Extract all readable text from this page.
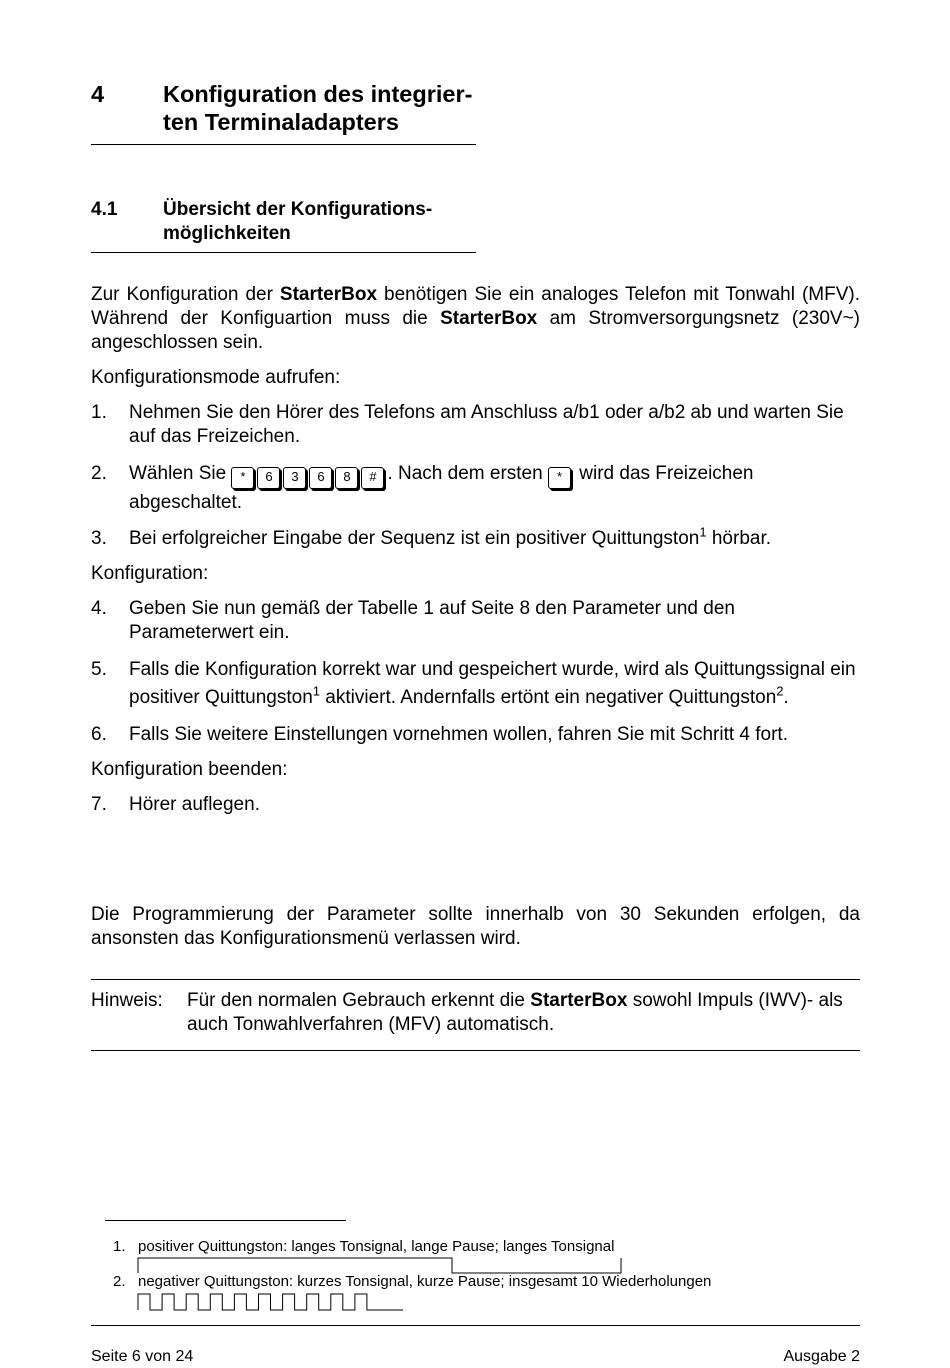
4	Konfiguration des integrier-
ten Terminaladapters
4.1 Übersicht der Konfigurations-
möglichkeiten

Zur Konfiguration der StarterBox benötigen Sie ein analoges Telefon mit Tonwahl (MFV). Während der Konfiguartion muss die StarterBox am Stromversorgungsnetz (230V~) angeschlossen sein.

Konfigurationsmode aufrufen:

1. Nehmen Sie den Hörer des Telefons am Anschluss a/b1 oder a/b2 ab und warten Sie auf das Freizeichen.
2. Wählen Sie * 6 3 6 8 # . Nach dem ersten * wird das Freizeichen abgeschaltet.
3. Bei erfolgreicher Eingabe der Sequenz ist ein positiver Quittungston$^1$ hörbar.

Konfiguration:

4. Geben Sie nun gemäß der Tabelle 1 auf Seite 8 den Parameter und den Parameterwert ein.
5. Falls die Konfiguration korrekt war und gespeichert wurde, wird als Quittungssignal ein positiver Quittungston$^1$ aktiviert. Andernfalls ertönt ein negativer Quittungston$^2$.
6. Falls Sie weitere Einstellungen vornehmen wollen, fahren Sie mit Schritt 4 fort.

Konfiguration beenden:

7. Hörer auflegen.

Die Programmierung der Parameter sollte innerhalb von 30 Sekunden erfolgen, da ansonsten das Konfigurationsmenü verlassen wird.

Hinweis: Für den normalen Gebrauch erkennt die StarterBox sowohl Impuls (IWV)- als auch Tonwahlverfahren (MFV) automatisch.
1. positiver Quittungston: langes Tonsignal, lange Pause; langes Tonsignal
2. negativer Quittungston: kurzes Tonsignal, kurze Pause; insgesamt 10 Wiederholungen
Seite 6 von 24	Ausgabe 2
